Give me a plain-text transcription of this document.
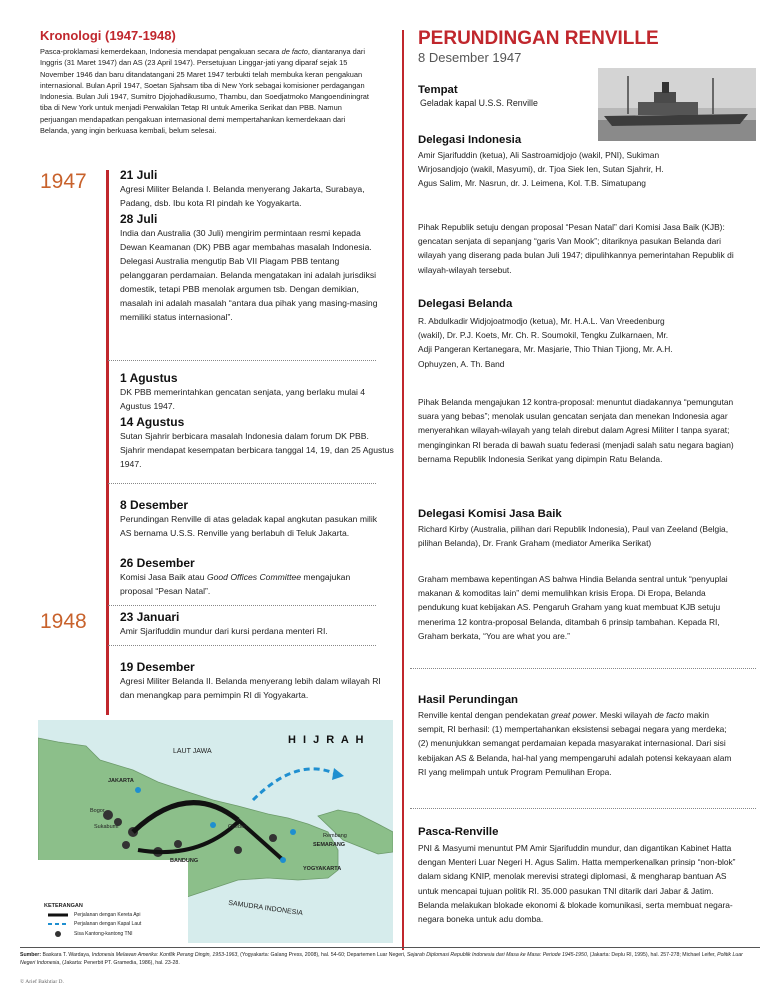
Kronologi (1947-1948)
Pasca-proklamasi kemerdekaan, Indonesia mendapat pengakuan secara de facto, diantaranya dari Inggris (31 Maret 1947) dan AS (23 April 1947). Persetujuan Linggar-jati yang diparaf sejak 15 November 1946 dan baru ditandatangani 25 Maret 1947 terbukti telah membuka keran pengakuan internasional. Bulan April 1947, Soetan Sjahsam tiba di New York sebagai komisioner perdagangan Indonesia. Bulan Juli 1947, Sumitro Djojohadikusumo, Thambu, dan Soedjatmoko Mangoendiningrat tiba di New York untuk menjadi Perwakilan Tetap RI untuk Amerika Serikat dan PBB. Namun perjuangan mendapatkan pengakuan internasional demi mempertahankan kemerdekaan dari Belanda, yang ingin berkuasa kembali, belum selesai.
1947
1948
21 Juli
Agresi Militer Belanda I. Belanda menyerang Jakarta, Surabaya, Padang, dsb. Ibu kota RI pindah ke Yogyakarta.
28 Juli
India dan Australia (30 Juli) mengirim permintaan resmi kepada Dewan Keamanan (DK) PBB agar membahas masalah Indonesia. Delegasi Australia mengutip Bab VII Piagam PBB tentang pelanggaran perdamaian. Belanda mengatakan ini adalah jurisdiksi domestik, tetapi PBB menolak argumen tsb. Dengan demikian, masalah ini adalah masalah “antara dua pihak yang masing-masing memiliki status internasional”.
1 Agustus
DK PBB memerintahkan gencatan senjata, yang berlaku mulai 4 Agustus 1947.
14 Agustus
Sutan Sjahrir berbicara masalah Indonesia dalam forum DK PBB. Sjahrir mendapat kesempatan berbicara tanggal 14, 19, dan 25 Agustus 1947.
8 Desember
Perundingan Renville di atas geladak kapal angkutan pasukan milik AS bernama U.S.S. Renville yang berlabuh di Teluk Jakarta.
26 Desember
Komisi Jasa Baik atau Good Offices Committee mengajukan proposal “Pesan Natal”.
23 Januari
Amir Sjarifuddin mundur dari kursi perdana menteri RI.
19 Desember
Agresi Militer Belanda II. Belanda menyerang lebih dalam wilayah RI dan menangkap para pemimpin RI di Yogyakarta.
H I J R A H
LAUT JAWA
SAMUDRA INDONESIA
JAKARTA
Bogor
Sukabumi
BANDUNG
Cirebon
Rembang
SEMARANG
YOGYAKARTA
KETERANGAN
Perjalanan dengan Kereta Api
Perjalanan dengan Kapal Laut
Sisa Kantong-kantong TNI
PERUNDINGAN RENVILLE
8 Desember 1947
Tempat
Geladak kapal U.S.S. Renville
Delegasi Indonesia
Amir Sjarifuddin (ketua), Ali Sastroamidjojo (wakil, PNI), Sukiman Wirjosandjojo (wakil, Masyumi), dr. Tjoa Siek Ien, Sutan Sjahrir, H. Agus Salim, Mr. Nasrun, dr. J. Leimena, Kol. T.B. Simatupang
Pihak Republik setuju dengan proposal “Pesan Natal” dari Komisi Jasa Baik (KJB): gencatan senjata di sepanjang “garis Van Mook”; ditariknya pasukan Belanda dari wilayah yang diserang pada bulan Juli 1947; dipulihkannya pemerintahan Republik di wilayah-wilayah tersebut.
Delegasi Belanda
R. Abdulkadir Widjojoatmodjo (ketua), Mr. H.A.L. Van Vreedenburg (wakil), Dr. P.J. Koets, Mr. Ch. R. Soumokil, Tengku Zulkarnaen, Mr. Adji Pangeran Kertanegara, Mr. Masjarie, Thio Thian Tjiong, Mr. A.H. Ophuyzen, A. Th. Band
Pihak Belanda mengajukan 12 kontra-proposal: menuntut diadakannya “pemungutan suara yang bebas”; menolak usulan gencatan senjata dan menekan Indonesia agar menyerahkan wilayah-wilayah yang telah direbut dalam Agresi Militer I tanpa syarat; menginginkan RI berada di bawah suatu federasi (menjadi salah satu negara bagian) bernama Republik Indonesia Serikat yang dipimpin Ratu Belanda.
Delegasi Komisi Jasa Baik
Richard Kirby (Australia, pilihan dari Republik Indonesia), Paul van Zeeland (Belgia, pilihan Belanda), Dr. Frank Graham (mediator Amerika Serikat)
Graham membawa kepentingan AS bahwa Hindia Belanda sentral untuk “penyuplai makanan & komoditas lain” demi memulihkan krisis Eropa. Di Eropa, Belanda pendukung kuat kebijakan AS. Pengaruh Graham yang kuat membuat KJB setuju menerima 12 kontra-proposal Belanda, ditambah 6 prinsip tambahan. Kepada RI, Graham berkata, “You are what you are.”
Hasil Perundingan
Renville kental dengan pendekatan great power. Meski wilayah de facto makin sempit, RI berhasil: (1) mempertahankan eksistensi sebagai negara yang merdeka; (2) menunjukkan semangat perdamaian kepada masyarakat internasional. Dari sisi kebijakan AS & Belanda, hal-hal yang mempengaruhi adalah potensi kekayaan alam RI yang melimpah untuk Program Pemulihan Eropa.
Pasca-Renville
PNI & Masyumi menuntut PM Amir Sjarifuddin mundur, dan digantikan Kabinet Hatta dengan Menteri Luar Negeri H. Agus Salim. Hatta memperkenalkan prinsip “non-blok” dalam sidang KNIP, menolak merevisi strategi diplomasi, & mengharap bantuan AS untuk mencapai tujuan politik RI. 35.000 pasukan TNI ditarik dari Jabar & Jatim. Belanda melakukan blokade ekonomi & blokade komunikasi, serta membuat negara-negara boneka untuk adu domba.
Sumber: Baskara T. Wardaya, Indonesia Melawan Amerika: Konflik Perang Dingin, 1953-1963, (Yogyakarta: Galang Press, 2008), hal. 54-60; Departemen Luar Negeri, Sejarah Diplomasi Republik Indonesia dari Masa ke Masa: Periode 1945-1950, (Jakarta: Deplu RI, 1995), hal. 257-278; Michael Leifer, Politik Luar Negeri Indonesia, (Jakarta: Penerbit PT. Gramedia, 1986), hal. 23-28.
© Arief Bakhtiar D.
